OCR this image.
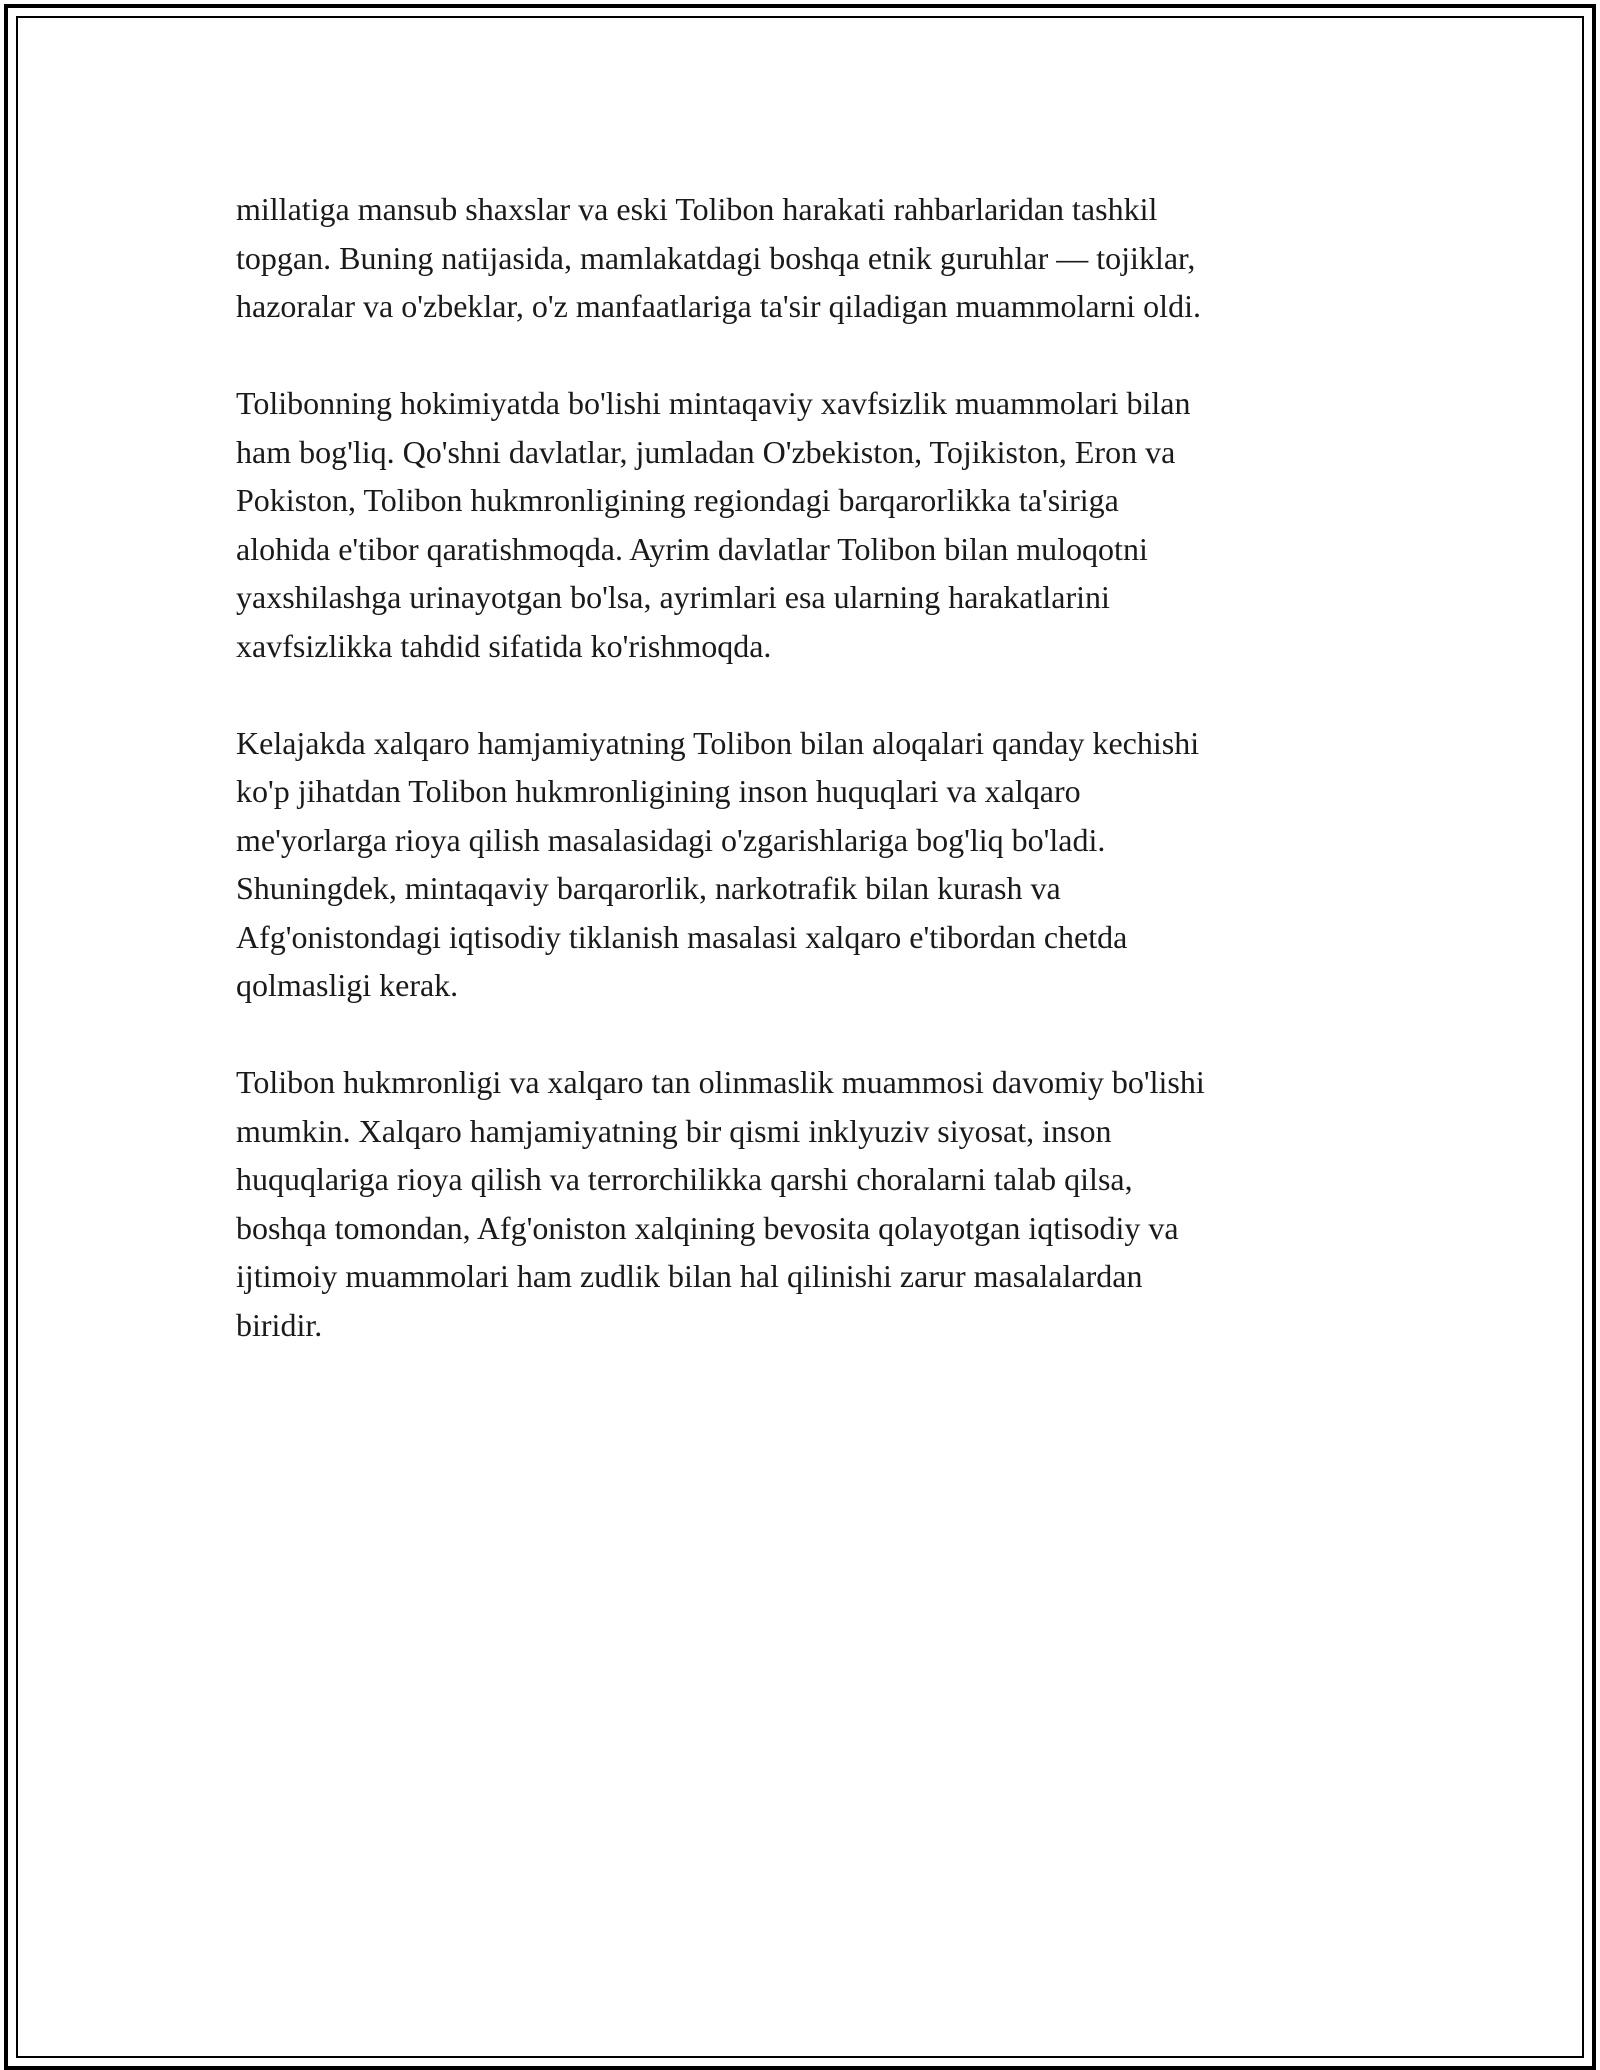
millatiga mansub shaxslar va eski Tolibon harakati rahbarlaridan tashkil
topgan. Buning natijasida, mamlakatdagi boshqa etnik guruhlar — tojiklar,
hazoralar va o'zbeklar, o'z manfaatlariga ta'sir qiladigan muammolarni oldi.

Tolibonning hokimiyatda bo'lishi mintaqaviy xavfsizlik muammolari bilan
ham bog'liq. Qo'shni davlatlar, jumladan O'zbekiston, Tojikiston, Eron va
Pokiston, Tolibon hukmronligining regiondagi barqarorlikka ta'siriga
alohida e'tibor qaratishmoqda. Ayrim davlatlar Tolibon bilan muloqotni
yaxshilashga urinayotgan bo'lsa, ayrimlari esa ularning harakatlarini
xavfsizlikka tahdid sifatida ko'rishmoqda.

Kelajakda xalqaro hamjamiyatning Tolibon bilan aloqalari qanday kechishi
ko'p jihatdan Tolibon hukmronligining inson huquqlari va xalqaro
me'yorlarga rioya qilish masalasidagi o'zgarishlariga bog'liq bo'ladi.
Shuningdek, mintaqaviy barqarorlik, narkotrafik bilan kurash va
Afg'onistondagi iqtisodiy tiklanish masalasi xalqaro e'tibordan chetda
qolmasligi kerak.

Tolibon hukmronligi va xalqaro tan olinmaslik muammosi davomiy bo'lishi
mumkin. Xalqaro hamjamiyatning bir qismi inklyuziv siyosat, inson
huquqlariga rioya qilish va terrorchilikka qarshi choralarni talab qilsa,
boshqa tomondan, Afg'oniston xalqining bevosita qolayotgan iqtisodiy va
ijtimoiy muammolari ham zudlik bilan hal qilinishi zarur masalalardan
biridir.
